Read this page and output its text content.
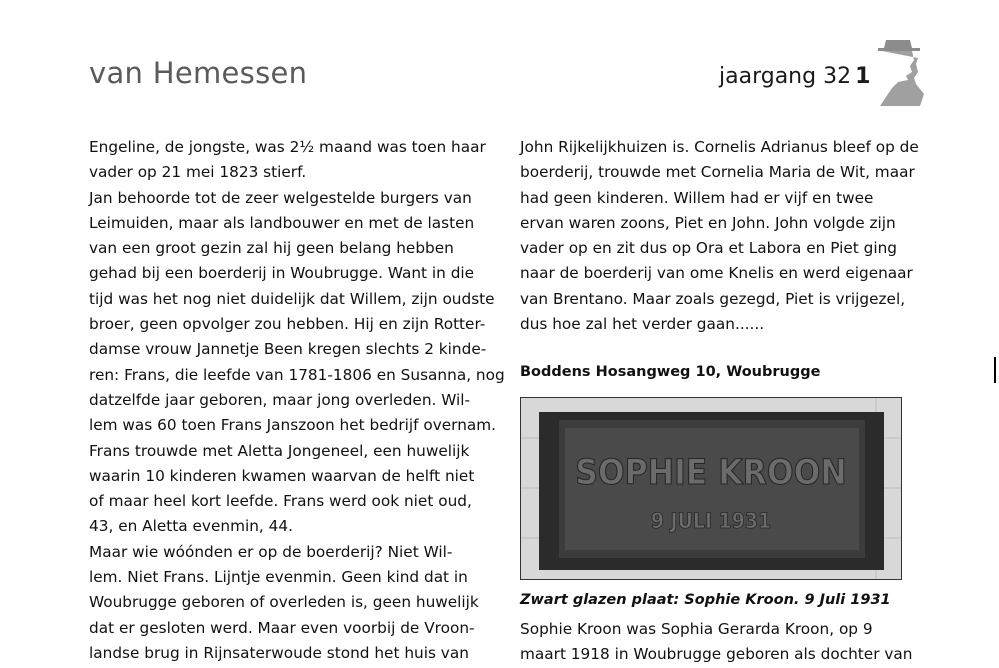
van Hemessen	jaargang 32 1
Engeline, de jongste, was 2½ maand was toen haar
vader op 21 mei 1823 stierf.
Jan behoorde tot de zeer welgestelde burgers van
Leimuiden, maar als landbouwer en met de lasten
van een groot gezin zal hij geen belang hebben
gehad bij een boerderij in Woubrugge. Want in die
tijd was het nog niet duidelijk dat Willem, zijn oudste
broer, geen opvolger zou hebben. Hij en zijn Rotter-
damse vrouw Jannetje Been kregen slechts 2 kinde-
ren: Frans, die leefde van 1781-1806 en Susanna, nog
datzelfde jaar geboren, maar jong overleden. Wil-
lem was 60 toen Frans Janszoon het bedrijf overnam.
Frans trouwde met Aletta Jongeneel, een huwelijk
waarin 10 kinderen kwamen waarvan de helft niet
of maar heel kort leefde. Frans werd ook niet oud,
43, en Aletta evenmin, 44.
Maar wie wóónden er op de boerderij? Niet Wil-
lem. Niet Frans. Lijntje evenmin. Geen kind dat in
Woubrugge geboren of overleden is, geen huwelijk
dat er gesloten werd. Maar even voorbij de Vroon-
landse brug in Rijnsaterwoude stond het huis van
John Rijkelijkhuizen is. Cornelis Adrianus bleef op de
boerderij, trouwde met Cornelia Maria de Wit, maar
had geen kinderen. Willem had er vijf en twee
ervan waren zoons, Piet en John. John volgde zijn
vader op en zit dus op Ora et Labora en Piet ging
naar de boerderij van ome Knelis en werd eigenaar
van Brentano. Maar zoals gezegd, Piet is vrijgezel,
dus hoe zal het verder gaan......
Boddens Hosangweg 10, Woubrugge
SOPHIE KROON
9 JULI 1931
Zwart glazen plaat: Sophie Kroon. 9 Juli 1931
Sophie Kroon was Sophia Gerarda Kroon, op 9
maart 1918 in Woubrugge geboren als dochter van
